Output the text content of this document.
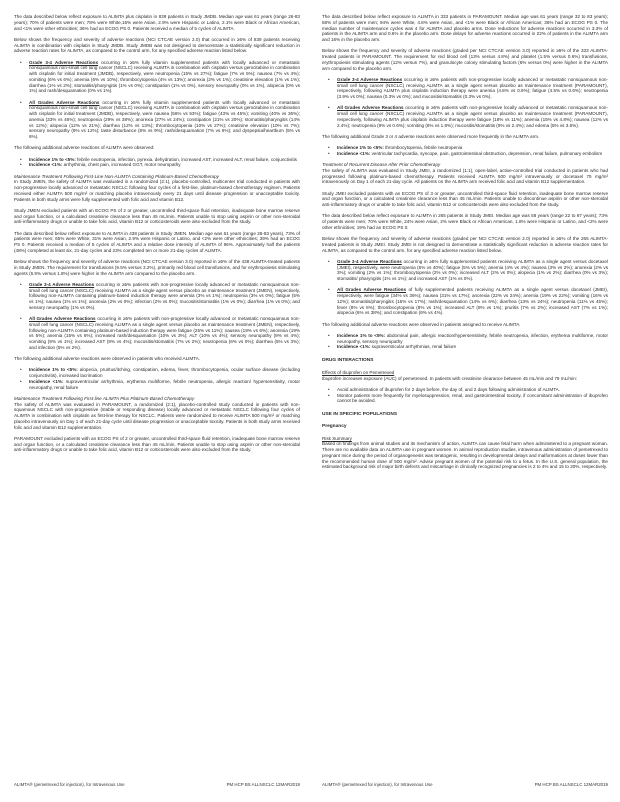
The data described below reflect exposure to ALIMTA plus cisplatin in 839 patients in Study JMDB. Median age was 61 years (range 26-83 years); 70% of patients were men; 78% were White,16% were Asian, 2.9% were Hispanic or Latino, 2.1% were Black or African American, and <1% were other ethnicities; 36% had an ECOG PS 0. Patients received a median of 5 cycles of ALIMTA.

Below shows the frequency and severity of adverse reactions (NCI CTCAE version 2.0) that occurred in ≥5% of 839 patients receiving ALIMTA in combination with cisplatin in Study JMDB. Study JMDB was not designed to demonstrate a statistically significant reduction in adverse reaction rates for ALIMTA, as compared to the control arm, for any specified adverse reaction listed below.

• Grade 3-4 Adverse Reactions occurring in ≥5% fully vitamin supplemented patients with locally advanced or metastatic nonsquamous non-small cell lung cancer (NSCLC) receiving ALIMTA in combination with cisplatin versus gemcitabine in combination with cisplatin for initial treatment (JMDB), respectively, were neutropenia (15% vs 27%); fatigue (7% vs 5%); nausea (7% vs 4%); vomiting (6% vs 6%); anemia (6% vs 10%); thrombocytopenia (4% vs 13%); anorexia (2% vs 1%); creatinine elevation (1% vs 1%); diarrhea (1% vs 2%); stomatitis/pharyngitis (1% vs 0%); constipation (1% vs 0%), sensory neuropathy (0% vs 1%), alopecia (0% vs 1%) and rash/desquamation (0% vs 1%).
• All Grades Adverse Reactions occurring in ≥5% fully vitamin supplemented patients with locally advanced or metastatic nonsquamous non-small cell lung cancer (NSCLC) receiving ALIMTA in combination with cisplatin versus gemcitabine in combination with cisplatin for initial treatment (JMDB), respectively, were nausea (56% vs 53%); fatigue (43% vs 45%); vomiting (40% vs 36%); anemia (33% vs 46%); neutropenia (29% vs 38%); anorexia (27% vs 24%); constipation (21% vs 20%); stomatitis/pharyngitis (14% vs 12%); alopecia (12% vs 21%); diarrhea (12% vs 13%); thrombocytopenia (10% vs 27%); creatinine elevation (10% vs 7%); sensory neuropathy (9% vs 12%); taste disturbance (8% vs 9%); rash/desquamation (7% vs 8%); and dyspepsia/heartburn (5% vs 6%).

The following additional adverse reactions of ALIMTA were observed:

• Incidence 1% to <5%: febrile neutropenia, infection, pyrexia, dehydration, increased AST, increased ALT, renal failure, conjunctivitis
• Incidence <1%: arrhythmia, chest pain, increased GGT, motor neuropathy

Maintenance Treatment Following First-Line Non-ALIMTA Containing Platinum-Based Chemotherapy

In Study JMEN, the safety of ALIMTA was evaluated in a randomized (2:1), placebo-controlled, multicenter trial conducted in patients with non-progressive locally advanced or metastatic NSCLC following four cycles of a first-line, platinum-based chemotherapy regimen. Patients received either ALIMTA 500 mg/m² or matching placebo intravenously every 21 days until disease progression or unacceptable toxicity. Patients in both study arms were fully supplemented with folic acid and vitamin B12.

Study JMEN excluded patients with an ECOG PS of 2 or greater, uncontrolled third-space fluid retention, inadequate bone marrow reserve and organ function, or a calculated creatinine clearance less than 45 mL/min. Patients unable to stop using aspirin or other non-steroidal anti-inflammatory drugs or unable to take folic acid, vitamin B12 or corticosteroids were also excluded from the study.

The data described below reflect exposure to ALIMTA in 438 patients in Study JMEN. Median age was 61 years (range 26-83 years), 73% of patients were men; 65% were White, 31% were Asian, 2.9% were Hispanic or Latino, and <2% were other ethnicities; 39% had an ECOG PS 0. Patients received a median of 5 cycles of ALIMTA and a relative dose intensity of ALIMTA of 96%. Approximately half the patients (48%) completed at least six, 21-day cycles and 23% completed ten or more 21-day cycles of ALIMTA.

Below shows the frequency and severity of adverse reactions (NCI CTCAE version 3.0) reported in ≥5% of the 438 ALIMTA-treated patients in Study JMEN. The requirement for transfusions (9.5% versus 3.2%), primarily red blood cell transfusions, and for erythropoiesis stimulating agents (5.9% versus 1.8%) were higher in the ALIMTA arm compared to the placebo arm.

• Grade 3-4 Adverse Reactions occurring in ≥5% patients with non-progressive locally advanced or metastatic nonsquamous non-small cell lung cancer (NSCLC) receiving ALIMTA as a single agent versus placebo as maintenance treatment (JMEN), respectively, following non-ALIMTA containing platinum-based induction therapy were anemia (3% vs 1%); neutropenia (3% vs 0%); fatigue (5% vs 1%); nausea (1% vs 1%); anorexia (2% vs 0%); infection (2% vs 0%); mucositis/stomatitis (1% vs 0%); diarrhea (1% vs 0%); and sensory neuropathy (1% vs 0%).
• All Grades Adverse Reactions occurring in ≥5% patients with non-progressive locally advanced or metastatic nonsquamous non-small cell lung cancer (NSCLC) receiving ALIMTA as a single agent versus placebo as maintenance treatment (JMEN), respectively, following non-ALIMTA containing platinum-based induction therapy were fatigue (25% vs 11%); nausea (19% vs 6%); anorexia (19% vs 5%); anemia (15% vs 6%); increased rash/desquamation (10% vs 3%); ALT (10% vs 4%); sensory neuropathy (9% vs 4%); vomiting (9% vs 1%); increased AST (8% vs 4%); mucositis/stomatitis (7% vs 2%); neutropenia (6% vs 0%); diarrhea (5% vs 3%); and infection (5% vs 2%).

The following additional adverse reactions were observed in patients who received ALIMTA.

• Incidence 1% to <5%: alopecia, pruritus/itching, constipation, edema, fever, thrombocytopenia, ocular surface disease (including conjunctivitis), increased lacrimation
• Incidence <1%: supraventricular arrhythmia, erythema multiforme, febrile neutropenia, allergic reaction/ hypersensitivity, motor neuropathy, renal failure

Maintenance Treatment Following First-line ALIMTA Plus Platinum-Based Chemotherapy

The safety of ALIMTA was evaluated in PARAMOUNT, a randomized (2:1), placebo-controlled study conducted in patients with non-squamous NSCLC with non-progressive (stable or responding disease) locally advanced or metastatic NSCLC following four cycles of ALIMTA in combination with cisplatin as first-line therapy for NSCLC. Patients were randomized to receive ALIMTA 500 mg/m² or matching placebo intravenously on Day 1 of each 21-day cycle until disease progression or unacceptable toxicity. Patients in both study arms received folic acid and vitamin B12 supplementation.

PARAMOUNT excluded patients with an ECOG PS of 2 or greater, uncontrolled third-space fluid retention, inadequate bone marrow reserve and organ function, or a calculated creatinine clearance less than 45 mL/min. Patients unable to stop using aspirin or other non-steroidal anti-inflammatory drugs or unable to take folic acid, vitamin B12 or corticosteroids were also excluded from the study.

The data described below reflect exposure to ALIMTA in 333 patients in PARAMOUNT. Median age was 61 years (range 32 to 83 years); 58% of patients were men; 94% were White, 4.8% were Asian, and <1% were Black or African American; 36% had an ECOG PS 0. The median number of maintenance cycles was 4 for ALIMTA and placebo arms. Dose reductions for adverse reactions occurred in 3.3% of patients in the ALIMTA arm and 0.6% in the placebo arm. Dose delays for adverse reactions occurred in 22% of patients in the ALIMTA arm and 16% in the placebo arm.

Below shows the frequency and severity of adverse reactions (graded per NCI CTCAE version 3.0) reported in ≥5% of the 333 ALIMTA-treated patients in PARAMOUNT. The requirement for red blood cell (13% versus 4.8%) and platelet (1.5% versus 0.6%) transfusions, erythropoiesis stimulating agents (12% versus 7%), and granulocyte colony stimulating factors (6% versus 0%) were higher in the ALIMTA arm compared to the placebo arm.

• Grade 3-4 Adverse Reactions occurring in ≥5% patients with non-progressive locally advanced or metastatic nonsquamous non-small cell lung cancer (NSCLC) receiving ALIMTA as a single agent versus placebo as maintenance treatment (PARAMOUNT), respectively, following ALIMTA plus cisplatin induction therapy were anemia (4.8% vs 0.6%); fatigue (4.5% vs 0.6%); neutropenia (3.9% vs 0%); nausea (0.3% vs 0%); and mucositis/stomatitis (0.3% vs 0%).
• All Grades Adverse Reactions occurring in ≥5% patients with non-progressive locally advanced or metastatic nonsquamous non-small cell lung cancer (NSCLC) receiving ALIMTA as a single agent versus placebo as maintenance treatment (PARAMOUNT), respectively, following ALIMTA plus cisplatin induction therapy were fatigue (18% vs 11%); anemia (15% vs 4.8%); nausea (12% vs 2.4%); neutropenia (9% vs 0.6%); vomiting (6% vs 1.8%); mucositis/stomatitis (5% vs 2.4%); and edema (5% vs 3.6%).

The following additional Grade 3 or 4 adverse reactions were observed more frequently in the ALIMTA arm.

• Incidence 1% to <5%: thrombocytopenia, febrile neutropenia
• Incidence <1%: ventricular tachycardia, syncope, pain, gastrointestinal obstruction, depression, renal failure, pulmonary embolism

Treatment of Recurrent Disease After Prior Chemotherapy

The safety of ALIMTA was evaluated in Study JMEI, a randomized (1:1), open-label, active-controlled trial conducted in patients who had progressed following platinum-based chemotherapy. Patients received ALIMTA 500 mg/m² intravenously or docetaxel 75 mg/m² intravenously on Day 1 of each 21-day cycle. All patients on the ALIMTA arm received folic acid and vitamin B12 supplementation.

Study JMEI excluded patients with an ECOG PS of 3 or greater, uncontrolled third-space fluid retention, inadequate bone marrow reserve and organ function, or a calculated creatinine clearance less than 45 mL/min. Patients unable to discontinue aspirin or other non-steroidal anti-inflammatory drugs or unable to take folic acid, vitamin B12 or corticosteroids were also excluded from the study.

The data described below reflect exposure to ALIMTA in 265 patients in Study JMEI. Median age was 58 years (range 22 to 87 years); 73% of patients were men; 70% were White, 24% were Asian, 2% were Black or African American, 1.8% were Hispanic or Latino, and <2% were other ethnicities; 19% had an ECOG PS 0.

Below shows the frequency and severity of adverse reactions (graded per NCI CTCAE version 2.0) reported in ≥5% of the 265 ALIMTA-treated patients in Study JMEI. Study JMEI is not designed to demonstrate a statistically significant reduction in adverse reaction rates for ALIMTA, as compared to the control arm, for any specified adverse reaction listed below.

• Grade 3-4 Adverse Reactions occurring in ≥5% fully supplemented patients receiving ALIMTA as a single agent versus docetaxel (JMEI), respectively, were neutropenia (5% vs 40%); fatigue (5% vs 5%); anemia (4% vs 4%); nausea (3% vs 2%); anorexia (2% vs 3%); vomiting (2% vs 1%); thrombocytopenia (2% vs 0%); increased ALT (2% vs 0%); alopecia (1% vs 2%); diarrhea (0% vs 3%); stomatitis/ pharyngitis (1% vs 1%); and increased AST (1% vs 0%).
• All Grades Adverse Reactions of fully supplemented patients receiving ALIMTA as a single agent versus docetaxel (JMEI), respectively, were fatigue (34% vs 36%); nausea (31% vs 17%); anorexia (22% vs 24%); anemia (19% vs 22%); vomiting (16% vs 12%); stomatitis/pharyngitis (15% vs 17%); rash/desquamation (14% vs 6%); diarrhea (13% vs 24%); neutropenia (11% vs 45%); fever (8% vs 8%); thrombocytopenia (8% vs 1%); increased ALT (8% vs 1%); pruritis (7% vs 2%); increased AST (7% vs 1%); alopecia (6% vs 38%); and constipation (6% vs 4%).

The following additional adverse reactions were observed in patients assigned to receive ALIMTA.

• Incidence 1% to <5%: abdominal pain, allergic reaction/hypersensitivity, febrile neutropenia, infection, erythema multiforme, motor neuropathy, sensory neuropathy
• Incidence <1%: supraventricular arrhythmias, renal failure
DRUG INTERACTIONS

Effects of Ibuprofen on Pemetrexed

Ibuprofen increases exposure (AUC) of pemetrexed. In patients with creatinine clearance between 45 mL/min and 79 mL/min:

• Avoid administration of ibuprofen for 2 days before, the day of, and 2 days following administration of ALIMTA.
• Monitor patients more frequently for myelosuppression, renal, and gastrointestinal toxicity, if concomitant administration of ibuprofen cannot be avoided.
USE IN SPECIFIC POPULATIONS
Pregnancy

Risk Summary

Based on findings from animal studies and its mechanism of action, ALIMTA can cause fetal harm when administered to a pregnant woman. There are no available data on ALIMTA use in pregnant women. In animal reproduction studies, intravenous administration of pemetrexed to pregnant mice during the period of organogenesis was teratogenic, resulting in developmental delays and malformations at doses lower than the recommended human dose of 500 mg/m². Advise pregnant women of the potential risk to a fetus. In the U.S. general population, the estimated background risk of major birth defects and miscarriage in clinically recognized pregnancies is 2 to 4% and 15 to 20%, respectively.

ALIMTA® (pemetrexed for injection), for Intravenous Use	PM HCP BS ALLNSCLC 12MAR2019	ALIMTA® (pemetrexed for injection), for Intravenous Use	PM HCP BS ALLNSCLC 12MAR2019
